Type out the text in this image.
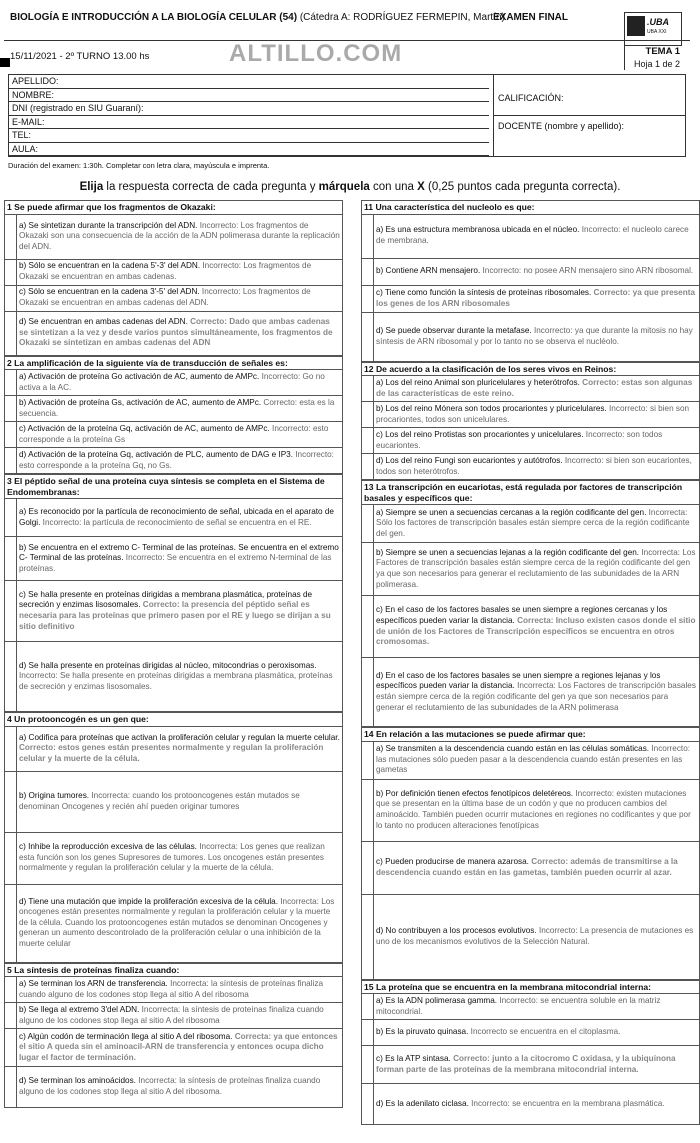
BIOLOGÍA E INTRODUCCIÓN A LA BIOLOGÍA CELULAR (54) (Cátedra A: RODRÍGUEZ FERMEPIN, Martín)
EXAMEN FINAL	.UBA
UBA XXI
15/11/2021 - 2º TURNO 13.00 hs	ALTILLO.COM	TEMA 1
Hoja 1 de 2
APELLIDO:
NOMBRE:
DNI (registrado en SIU Guaraní):
E-MAIL:
TEL:
AULA:
CALIFICACIÓN:
DOCENTE (nombre y apellido):
Duración del examen: 1:30h. Completar con letra clara, mayúscula e imprenta.
Elija la respuesta correcta de cada pregunta y márquela con una X (0,25 puntos cada pregunta correcta).
1 Se puede afirmar que los fragmentos de Okazaki:
a) Se sintetizan durante la transcripción del ADN. Incorrecto: Los fragmentos de Okazaki son una consecuencia de la acción de la ADN polimerasa durante la replicación del ADN.
b) Sólo se encuentran en la cadena 5'-3' del ADN. Incorrecto: Los fragmentos de Okazaki se encuentran en ambas cadenas.
c) Sólo se encuentran en la cadena 3'-5' del ADN. Incorrecto: Los fragmentos de Okazaki se encuentran en ambas cadenas del ADN.
d) Se encuentran en ambas cadenas del ADN. Correcto: Dado que ambas cadenas se sintetizan a la vez y desde varios puntos simultáneamente, los fragmentos de Okazaki se sintetizan en ambas cadenas del ADN
2 La amplificación de la siguiente vía de transducción de señales es:
a) Activación de proteína Go activación de AC, aumento de AMPc. Incorrecto: Go no activa a la AC.
b) Activación de proteína Gs, activación de AC, aumento de AMPc. Correcto: esta es la secuencia.
c) Activación de la proteína Gq, activación de AC, aumento de AMPc. Incorrecto: esto corresponde a la proteína Gs
d) Activación de la proteína Gq, activación de PLC, aumento de DAG e IP3. Incorrecto: esto corresponde a la proteína Gq, no Gs.
3 El péptido señal de una proteína cuya síntesis se completa en el Sistema de Endomembranas:
a) Es reconocido por la partícula de reconocimiento de señal, ubicada en el aparato de Golgi. Incorrecto: la partícula de reconocimiento de señal se encuentra en el RE.
b) Se encuentra en el extremo C- Terminal de las proteínas. Se encuentra en el extremo C- Terminal de las proteínas. Incorrecto: Se encuentra en el extremo N-terminal de las proteínas.
c) Se halla presente en proteínas dirigidas a membrana plasmática, proteínas de secreción y enzimas lisosomales. Correcto: la presencia del péptido señal es necesaria para las proteínas que primero pasen por el RE y luego se dirijan a su sitio definitivo
d) Se halla presente en proteínas dirigidas al núcleo, mitocondrias o peroxisomas. Incorrecto: Se halla presente en proteínas dirigidas a membrana plasmática, proteínas de secreción y enzimas lisosomales.
4 Un protooncogén es un gen que:
a) Codifica para proteínas que activan la proliferación celular y regulan la muerte celular. Correcto: estos genes están presentes normalmente y regulan la proliferación celular y la muerte de la célula.
b) Origina tumores. Incorrecta: cuando los protooncogenes están mutados se denominan Oncogenes y recién ahí pueden originar tumores
c) Inhibe la reproducción excesiva de las células. Incorrecta: Los genes que realizan esta función son los genes Supresores de tumores. Los oncogenes están presentes normalmente y regulan la proliferación celular y la muerte de la célula.
d) Tiene una mutación que impide la proliferación excesiva de la célula. Incorrecta: Los oncogenes están presentes normalmente y regulan la proliferación celular y la muerte de la célula. Cuando los protooncogenes están mutados se denominan Oncogenes y generan un aumento descontrolado de la proliferación celular o una inhibición de la muerte celular
5 La síntesis de proteínas finaliza cuando:
a) Se terminan los ARN de transferencia. Incorrecta: la síntesis de proteínas finaliza cuando alguno de los codones stop llega al sitio A del ribosoma
b) Se llega al extremo 3'del ADN. Incorrecta: la síntesis de proteínas finaliza cuando alguno de los codones stop llega al sitio A del ribosoma
c) Algún codón de terminación llega al sitio A del ribosoma. Correcta: ya que entonces el sitio A queda sin el aminoacil-ARN de transferencia y entonces ocupa dicho lugar el factor de terminación.
d) Se terminan los aminoácidos. Incorrecta: la síntesis de proteínas finaliza cuando alguno de los codones stop llega al sitio A del ribosoma.
11 Una característica del nucleolo es que:
a) Es una estructura membranosa ubicada en el núcleo. Incorrecto: el nucleolo carece de membrana.
b) Contiene ARN mensajero. Incorrecto: no posee ARN mensajero sino ARN ribosomal.
c) Tiene como función la síntesis de proteínas ribosomales. Correcto: ya que presenta los genes de los ARN ribosomales
d) Se puede observar durante la metafase. Incorrecto: ya que durante la mitosis no hay síntesis de ARN ribosomal y por lo tanto no se observa el nucléolo.
12 De acuerdo a la clasificación de los seres vivos en Reinos:
a) Los del reino Animal son pluricelulares y heterótrofos. Correcto: estas son algunas de las características de este reino.
b) Los del reino Mónera son todos procariontes y pluricelulares. Incorrecto: si bien son procariontes, todos son unicelulares.
c) Los del reino Protistas son procariontes y unicelulares. Incorrecto: son todos eucariontes.
d) Los del reino Fungi son eucariontes y autótrofos. Incorrecto: si bien son eucariontes, todos son heterótrofos.
13 La transcripción en eucariotas, está regulada por factores de transcripción basales y específicos que:
a) Siempre se unen a secuencias cercanas a la región codificante del gen. Incorrecta: Sólo los factores de transcripción basales están siempre cerca de la región codificante del gen.
b) Siempre se unen a secuencias lejanas a la región codificante del gen. Incorrecta: Los Factores de transcripción basales están siempre cerca de la región codificante del gen ya que son necesarios para generar el reclutamiento de las subunidades de la ARN polimerasa.
c) En el caso de los factores basales se unen siempre a regiones cercanas y los específicos pueden variar la distancia. Correcta: Incluso existen casos donde el sitio de unión de los Factores de Transcripción específicos se encuentra en otros cromosomas.
d) En el caso de los factores basales se unen siempre a regiones lejanas y los específicos pueden variar la distancia. Incorrecta: Los Factores de transcripción basales están siempre cerca de la región codificante del gen ya que son necesarios para generar el reclutamiento de las subunidades de la ARN polimerasa
14 En relación a las mutaciones se puede afirmar que:
a) Se transmiten a la descendencia cuando están en las células somáticas. Incorrecto: las mutaciones sólo pueden pasar a la descendencia cuando están presentes en las gametas
b) Por definición tienen efectos fenotípicos deletéreos. Incorrecto: existen mutaciones que se presentan en la última base de un codón y que no producen cambios del aminoácido. También pueden ocurrir mutaciones en regiones no codificantes y que por lo tanto no producen alteraciones fenotípicas
c) Pueden producirse de manera azarosa. Correcto: además de transmitirse a la descendencia cuando están en las gametas, también pueden ocurrir al azar.
d) No contribuyen a los procesos evolutivos. Incorrecto: La presencia de mutaciones es uno de los mecanismos evolutivos de la Selección Natural.
15 La proteína que se encuentra en la membrana mitocondrial interna:
a) Es la ADN polimerasa gamma. Incorrecto: se encuentra soluble en la matriz mitocondrial.
b) Es la piruvato quinasa. Incorrecto se encuentra en el citoplasma.
c) Es la ATP sintasa. Correcto: junto a la citocromo C oxidasa, y la ubiquinona forman parte de las proteínas de la membrana mitocondrial interna.
d) Es la adenilato ciclasa. Incorrecto: se encuentra en la membrana plasmática.
